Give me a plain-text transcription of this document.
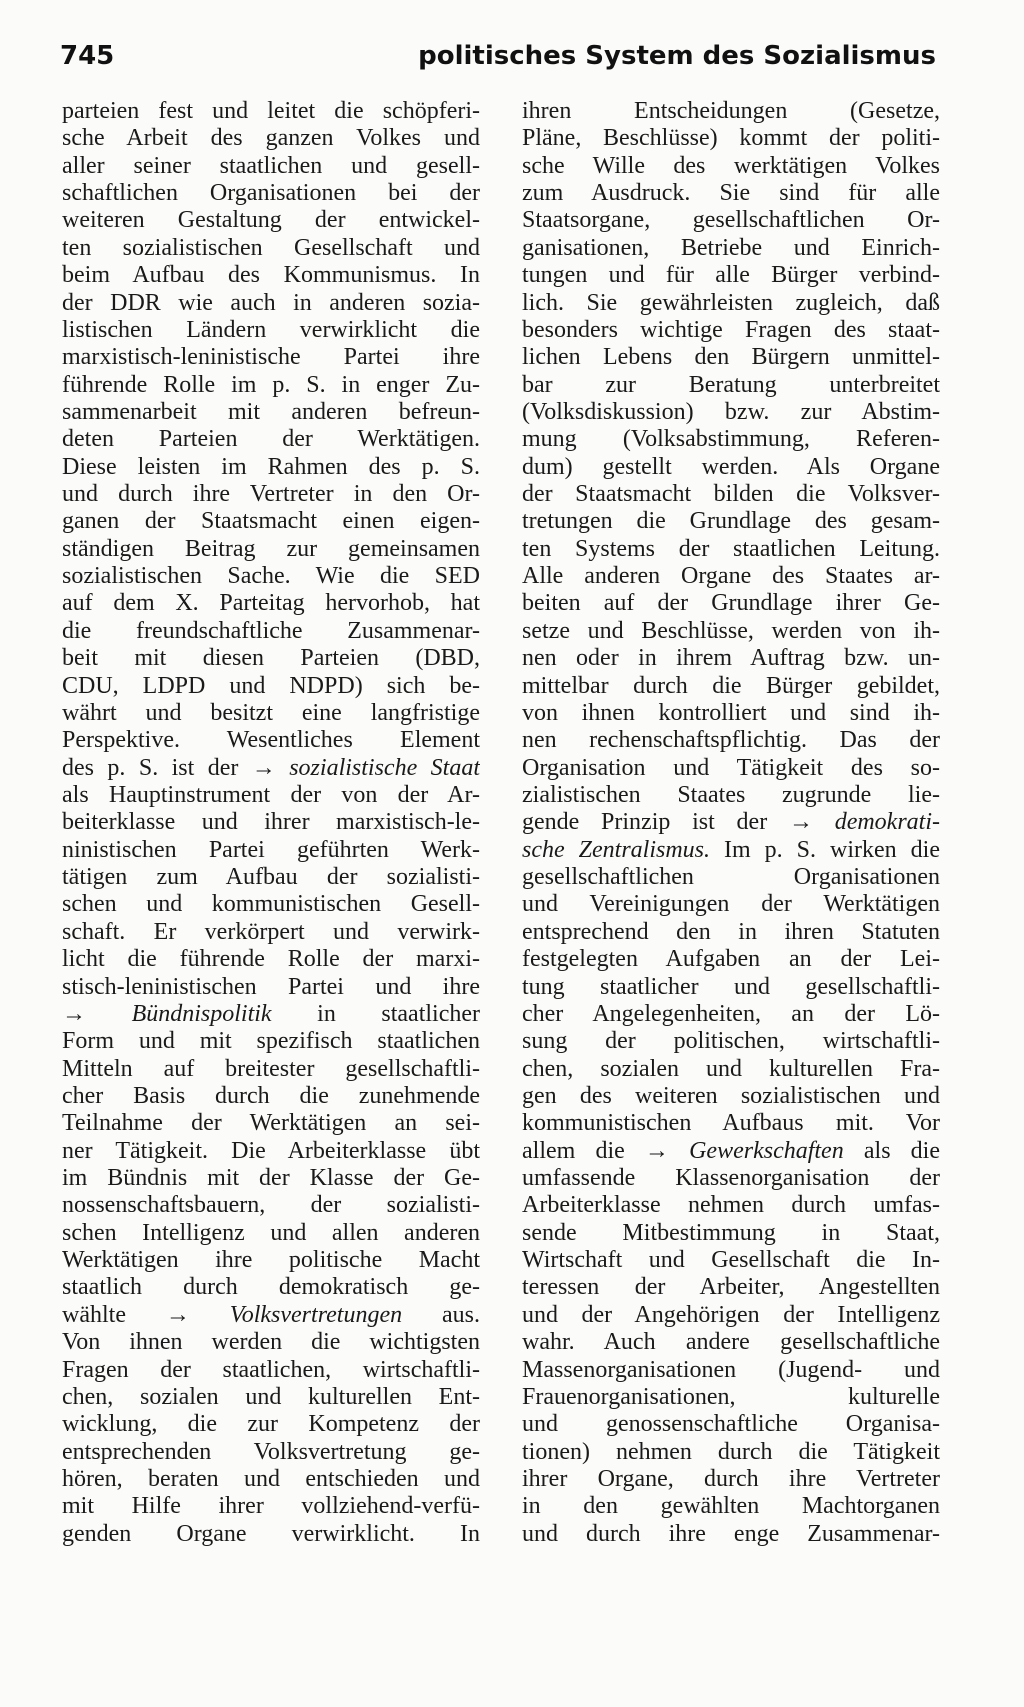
745	politisches System des Sozialismus
parteien fest und leitet die schöpferi-
sche Arbeit des ganzen Volkes und
aller seiner staatlichen und gesell-
schaftlichen Organisationen bei der
weiteren Gestaltung der entwickel-
ten sozialistischen Gesellschaft und
beim Aufbau des Kommunismus. In
der DDR wie auch in anderen sozia-
listischen Ländern verwirklicht die
marxistisch-leninistische Partei ihre
führende Rolle im p. S. in enger Zu-
sammenarbeit mit anderen befreun-
deten Parteien der Werktätigen.
Diese leisten im Rahmen des p. S.
und durch ihre Vertreter in den Or-
ganen der Staatsmacht einen eigen-
ständigen Beitrag zur gemeinsamen
sozialistischen Sache. Wie die SED
auf dem X. Parteitag hervorhob, hat
die freundschaftliche Zusammenar-
beit mit diesen Parteien (DBD,
CDU, LDPD und NDPD) sich be-
währt und besitzt eine langfristige
Perspektive. Wesentliches Element
des p. S. ist der → sozialistische Staat
als Hauptinstrument der von der Ar-
beiterklasse und ihrer marxistisch-le-
ninistischen Partei geführten Werk-
tätigen zum Aufbau der sozialisti-
schen und kommunistischen Gesell-
schaft. Er verkörpert und verwirk-
licht die führende Rolle der marxi-
stisch-leninistischen Partei und ihre
→ Bündnispolitik in staatlicher
Form und mit spezifisch staatlichen
Mitteln auf breitester gesellschaftli-
cher Basis durch die zunehmende
Teilnahme der Werktätigen an sei-
ner Tätigkeit. Die Arbeiterklasse übt
im Bündnis mit der Klasse der Ge-
nossenschaftsbauern, der sozialisti-
schen Intelligenz und allen anderen
Werktätigen ihre politische Macht
staatlich durch demokratisch ge-
wählte → Volksvertretungen aus.
Von ihnen werden die wichtigsten
Fragen der staatlichen, wirtschaftli-
chen, sozialen und kulturellen Ent-
wicklung, die zur Kompetenz der
entsprechenden Volksvertretung ge-
hören, beraten und entschieden und
mit Hilfe ihrer vollziehend-verfü-
genden Organe verwirklicht. In
ihren Entscheidungen (Gesetze,
Pläne, Beschlüsse) kommt der politi-
sche Wille des werktätigen Volkes
zum Ausdruck. Sie sind für alle
Staatsorgane, gesellschaftlichen Or-
ganisationen, Betriebe und Einrich-
tungen und für alle Bürger verbind-
lich. Sie gewährleisten zugleich, daß
besonders wichtige Fragen des staat-
lichen Lebens den Bürgern unmittel-
bar zur Beratung unterbreitet
(Volksdiskussion) bzw. zur Abstim-
mung (Volksabstimmung, Referen-
dum) gestellt werden. Als Organe
der Staatsmacht bilden die Volksver-
tretungen die Grundlage des gesam-
ten Systems der staatlichen Leitung.
Alle anderen Organe des Staates ar-
beiten auf der Grundlage ihrer Ge-
setze und Beschlüsse, werden von ih-
nen oder in ihrem Auftrag bzw. un-
mittelbar durch die Bürger gebildet,
von ihnen kontrolliert und sind ih-
nen rechenschaftspflichtig. Das der
Organisation und Tätigkeit des so-
zialistischen Staates zugrunde lie-
gende Prinzip ist der → demokrati-
sche Zentralismus. Im p. S. wirken die
gesellschaftlichen Organisationen
und Vereinigungen der Werktätigen
entsprechend den in ihren Statuten
festgelegten Aufgaben an der Lei-
tung staatlicher und gesellschaftli-
cher Angelegenheiten, an der Lö-
sung der politischen, wirtschaftli-
chen, sozialen und kulturellen Fra-
gen des weiteren sozialistischen und
kommunistischen Aufbaus mit. Vor
allem die → Gewerkschaften als die
umfassende Klassenorganisation der
Arbeiterklasse nehmen durch umfas-
sende Mitbestimmung in Staat,
Wirtschaft und Gesellschaft die In-
teressen der Arbeiter, Angestellten
und der Angehörigen der Intelligenz
wahr. Auch andere gesellschaftliche
Massenorganisationen (Jugend- und
Frauenorganisationen, kulturelle
und genossenschaftliche Organisa-
tionen) nehmen durch die Tätigkeit
ihrer Organe, durch ihre Vertreter
in den gewählten Machtorganen
und durch ihre enge Zusammenar-
